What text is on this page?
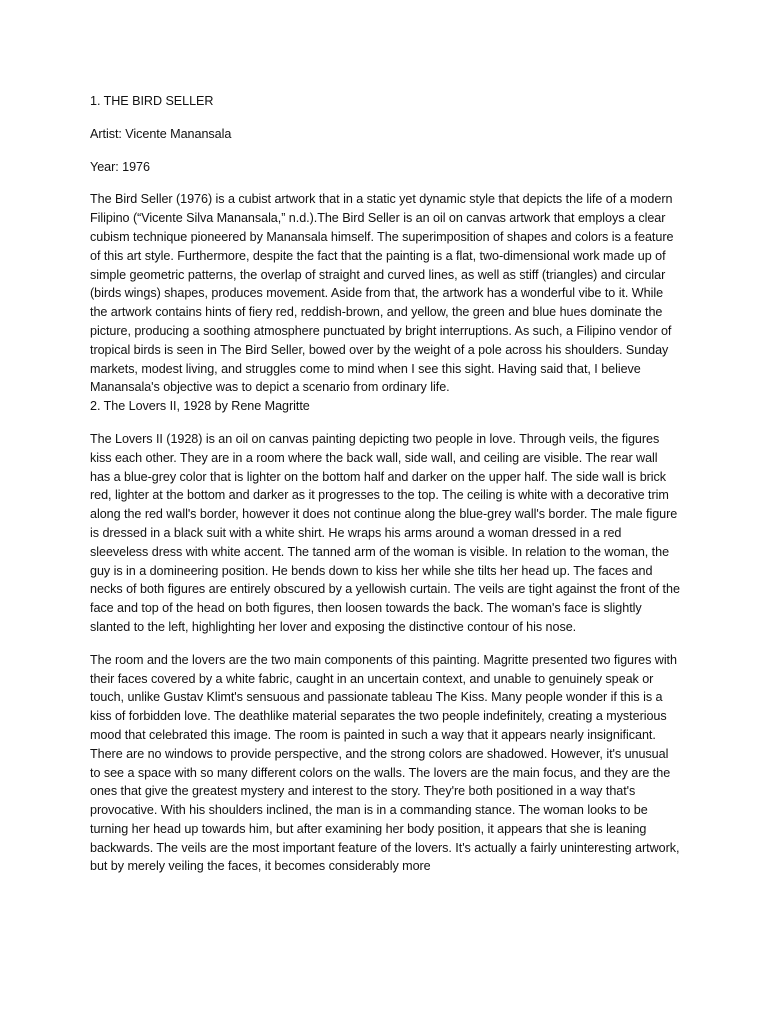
1. THE BIRD SELLER

Artist: Vicente Manansala

Year: 1976

The Bird Seller (1976) is a cubist artwork that in a static yet dynamic style that depicts the life of a modern Filipino (“Vicente Silva Manansala,” n.d.).The Bird Seller is an oil on canvas artwork that employs a clear cubism technique pioneered by Manansala himself. The superimposition of shapes and colors is a feature of this art style. Furthermore, despite the fact that the painting is a flat, two-dimensional work made up of simple geometric patterns, the overlap of straight and curved lines, as well as stiff (triangles) and circular (birds wings) shapes, produces movement. Aside from that, the artwork has a wonderful vibe to it. While the artwork contains hints of fiery red, reddish-brown, and yellow, the green and blue hues dominate the picture, producing a soothing atmosphere punctuated by bright interruptions. As such, a Filipino vendor of tropical birds is seen in The Bird Seller, bowed over by the weight of a pole across his shoulders. Sunday markets, modest living, and struggles come to mind when I see this sight. Having said that, I believe Manansala's objective was to depict a scenario from ordinary life.

2. The Lovers II, 1928 by Rene Magritte

The Lovers II (1928) is an oil on canvas painting depicting two people in love. Through veils, the figures kiss each other. They are in a room where the back wall, side wall, and ceiling are visible. The rear wall has a blue-grey color that is lighter on the bottom half and darker on the upper half. The side wall is brick red, lighter at the bottom and darker as it progresses to the top. The ceiling is white with a decorative trim along the red wall's border, however it does not continue along the blue-grey wall's border. The male figure is dressed in a black suit with a white shirt. He wraps his arms around a woman dressed in a red sleeveless dress with white accent. The tanned arm of the woman is visible. In relation to the woman, the guy is in a domineering position. He bends down to kiss her while she tilts her head up. The faces and necks of both figures are entirely obscured by a yellowish curtain. The veils are tight against the front of the face and top of the head on both figures, then loosen towards the back. The woman's face is slightly slanted to the left, highlighting her lover and exposing the distinctive contour of his nose.

The room and the lovers are the two main components of this painting. Magritte presented two figures with their faces covered by a white fabric, caught in an uncertain context, and unable to genuinely speak or touch, unlike Gustav Klimt's sensuous and passionate tableau The Kiss. Many people wonder if this is a kiss of forbidden love. The deathlike material separates the two people indefinitely, creating a mysterious mood that celebrated this image. The room is painted in such a way that it appears nearly insignificant. There are no windows to provide perspective, and the strong colors are shadowed. However, it's unusual to see a space with so many different colors on the walls. The lovers are the main focus, and they are the ones that give the greatest mystery and interest to the story. They're both positioned in a way that's provocative. With his shoulders inclined, the man is in a commanding stance. The woman looks to be turning her head up towards him, but after examining her body position, it appears that she is leaning backwards. The veils are the most important feature of the lovers. It's actually a fairly uninteresting artwork, but by merely veiling the faces, it becomes considerably more
